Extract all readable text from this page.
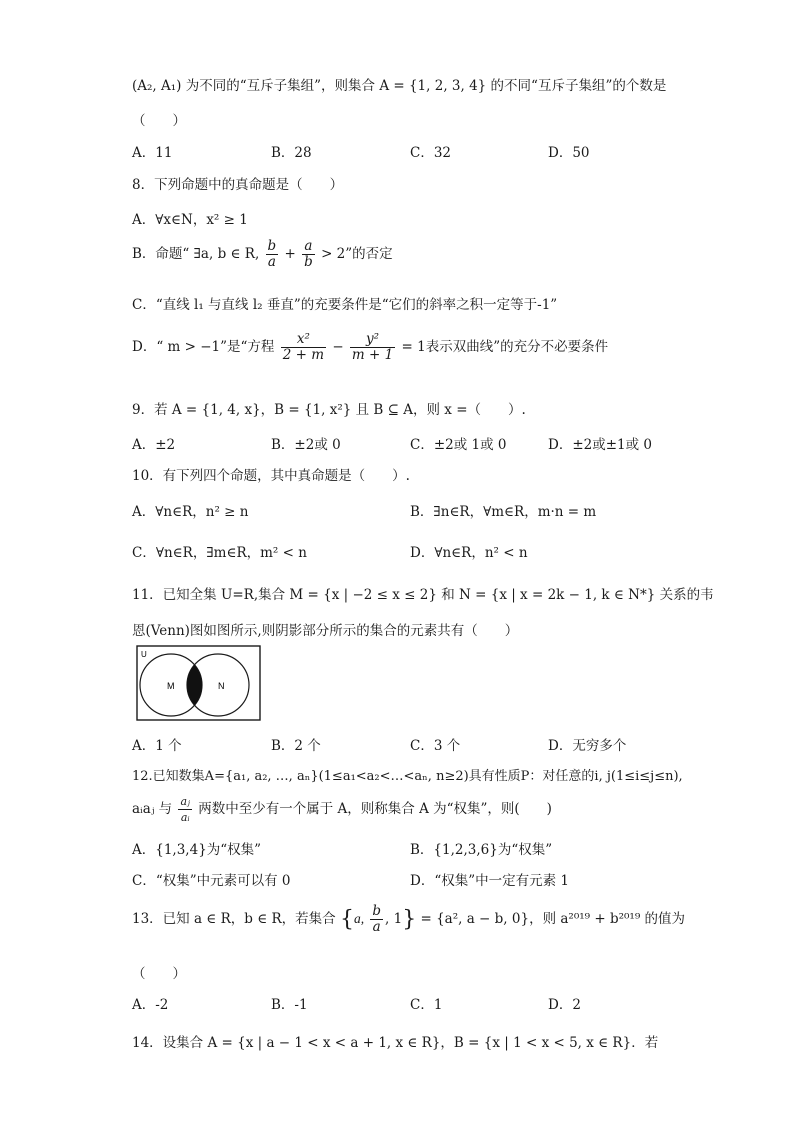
(A₂, A₁) 为不同的“互斥子集组”，则集合 A = {1, 2, 3, 4} 的不同“互斥子集组”的个数是
（　　）
A．11	B．28	C．32	D．50
8．下列命题中的真命题是（　　）
A．∀x∈N，x² ≥ 1
B．命题“ ∃a, b ∈ R, $\frac{b}{a} + \frac{a}{b} > 2$”的否定
C．“直线 l₁ 与直线 l₂ 垂直”的充要条件是“它们的斜率之积一定等于-1”
D．“ m > −1”是“方程 $\frac{\text{x²}}{2 + m} - \frac{\text{y²}}{m + 1} = 1$表示双曲线”的充分不必要条件
9．若 A = {1, 4, x}，B = {1, x²} 且 B ⊆ A，则 x =（　　）.
A．±2	B．±2或 0	C．±2或 1或 0	D．±2或±1或 0
10．有下列四个命题，其中真命题是（　　）.
A．∀n∈R，n² ≥ n	B．∃n∈R，∀m∈R，m·n = m
C．∀n∈R，∃m∈R，m² < n	D．∀n∈R，n² < n
11．已知全集 U=R,集合 M = {x | −2 ≤ x ≤ 2} 和 N = {x | x = 2k − 1, k ∈ N*} 关系的韦
恩(Venn)图如图所示,则阴影部分所示的集合的元素共有（　　）
U
M	N
A．1 个	B．2 个	C．3 个	D．无穷多个
12.已知数集A={a₁, a₂, …, aₙ}(1≤a₁<a₂<…<aₙ, n≥2)具有性质P：对任意的i, j(1≤i≤j≤n),
aᵢaⱼ 与 $\frac{\text{aⱼ}}{\text{aᵢ}}$ 两数中至少有一个属于 A，则称集合 A 为“权集”，则(　　)
A．{1,3,4}为“权集”	B．{1,2,3,6}为“权集”
C．“权集”中元素可以有 0	D．“权集”中一定有元素 1
13．已知 a ∈ R，b ∈ R，若集合 {a, $\frac{b}{a}$ , 1} = {a², a − b, 0}，则 a²⁰¹⁹ + b²⁰¹⁹ 的值为
（　　）
A．-2	B．-1	C．1	D．2
14．设集合 A = {x | a − 1 < x < a + 1, x ∈ R}，B = {x | 1 < x < 5, x ∈ R}．若
